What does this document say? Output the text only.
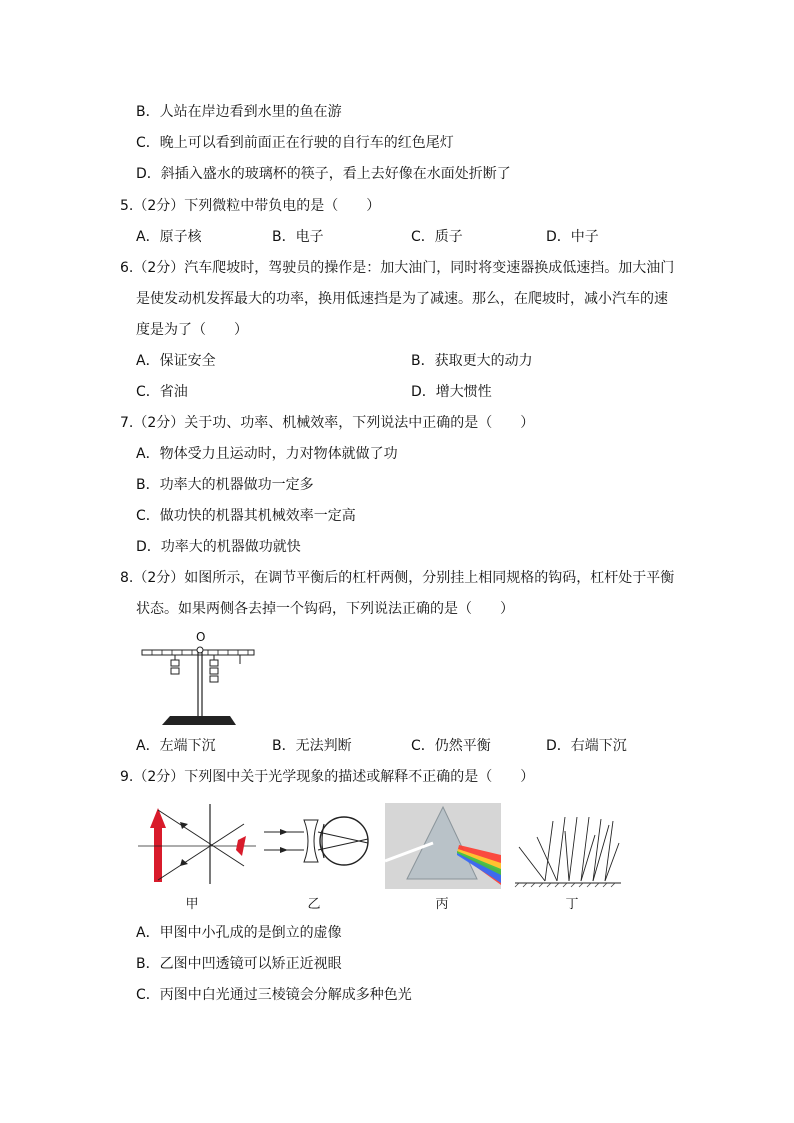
B．人站在岸边看到水里的鱼在游
C．晚上可以看到前面正在行驶的自行车的红色尾灯
D．斜插入盛水的玻璃杯的筷子，看上去好像在水面处折断了
5.（2分）下列微粒中带负电的是（　　）
A．原子核	B．电子	C．质子	D．中子
6.（2分）汽车爬坡时，驾驶员的操作是：加大油门，同时将变速器换成低速挡。加大油门
是使发动机发挥最大的功率，换用低速挡是为了减速。那么，在爬坡时，减小汽车的速
度是为了（　　）
A．保证安全	B．获取更大的动力
C．省油	D．增大惯性
7.（2分）关于功、功率、机械效率，下列说法中正确的是（　　）
A．物体受力且运动时，力对物体就做了功
B．功率大的机器做功一定多
C．做功快的机器其机械效率一定高
D．功率大的机器做功就快
8.（2分）如图所示，在调节平衡后的杠杆两侧，分别挂上相同规格的钩码，杠杆处于平衡
状态。如果两侧各去掉一个钩码，下列说法正确的是（　　）
O
A．左端下沉	B．无法判断	C．仍然平衡	D．右端下沉
9.（2分）下列图中关于光学现象的描述或解释不正确的是（　　）
甲	乙	丙	丁
A．甲图中小孔成的是倒立的虚像
B．乙图中凹透镜可以矫正近视眼
C．丙图中白光通过三棱镜会分解成多种色光
